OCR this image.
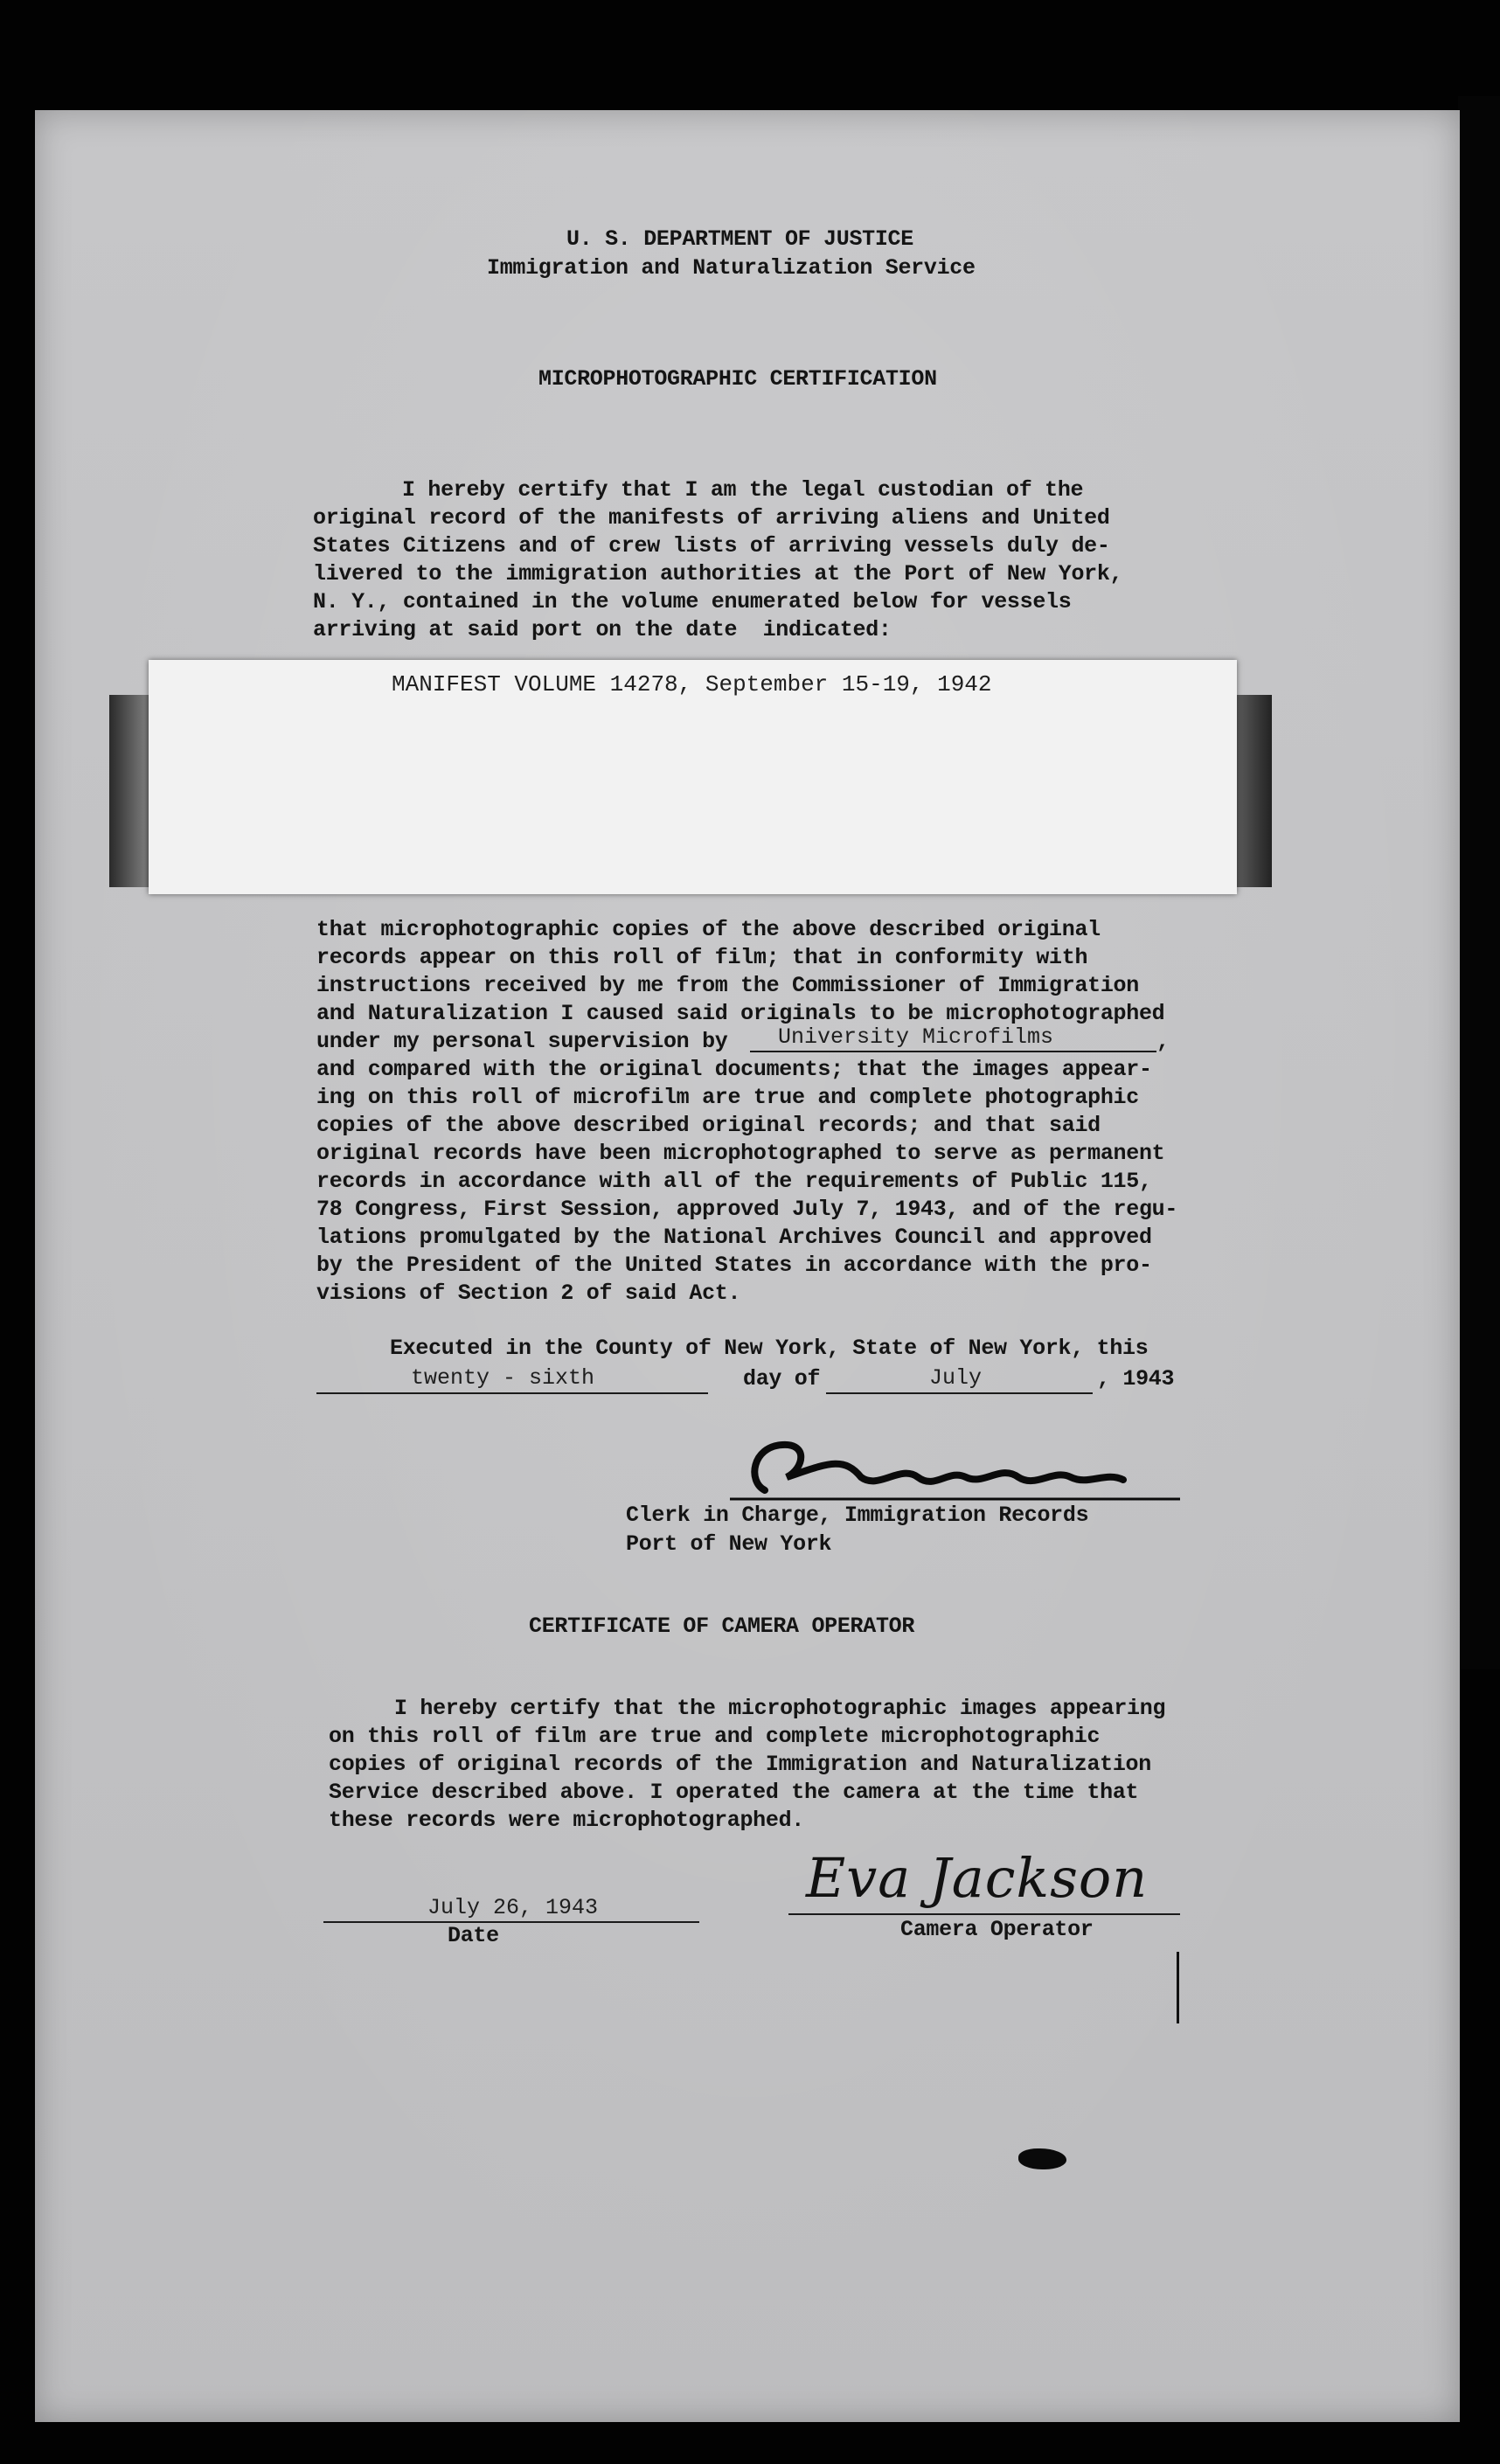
U. S. DEPARTMENT OF JUSTICE
Immigration and Naturalization Service
MICROPHOTOGRAPHIC CERTIFICATION
I hereby certify that I am the legal custodian of the
original record of the manifests of arriving aliens and United
States Citizens and of crew lists of arriving vessels duly de-
livered to the immigration authorities at the Port of New York,
N. Y., contained in the volume enumerated below for vessels
arriving at said port on the date  indicated:
MANIFEST VOLUME 14278, September 15-19, 1942
that microphotographic copies of the above described original
records appear on this roll of film; that in conformity with
instructions received by me from the Commissioner of Immigration
and Naturalization I caused said originals to be microphotographed
under my personal supervision by University Microfilms	,
and compared with the original documents; that the images appear-
ing on this roll of microfilm are true and complete photographic
copies of the above described original records; and that said
original records have been microphotographed to serve as permanent
records in accordance with all of the requirements of Public 115,
78 Congress, First Session, approved July 7, 1943, and of the regu-
lations promulgated by the National Archives Council and approved
by the President of the United States in accordance with the pro-
visions of Section 2 of said Act.
Executed in the County of New York, State of New York, this
twenty - sixth	day of	July	, 1943
Clerk in Charge, Immigration Records
Port of New York
CERTIFICATE OF CAMERA OPERATOR
I hereby certify that the microphotographic images appearing
on this roll of film are true and complete microphotographic
copies of original records of the Immigration and Naturalization
Service described above. I operated the camera at the time that
these records were microphotographed.
July 26, 1943
Date
Eva Jackson
Camera Operator
